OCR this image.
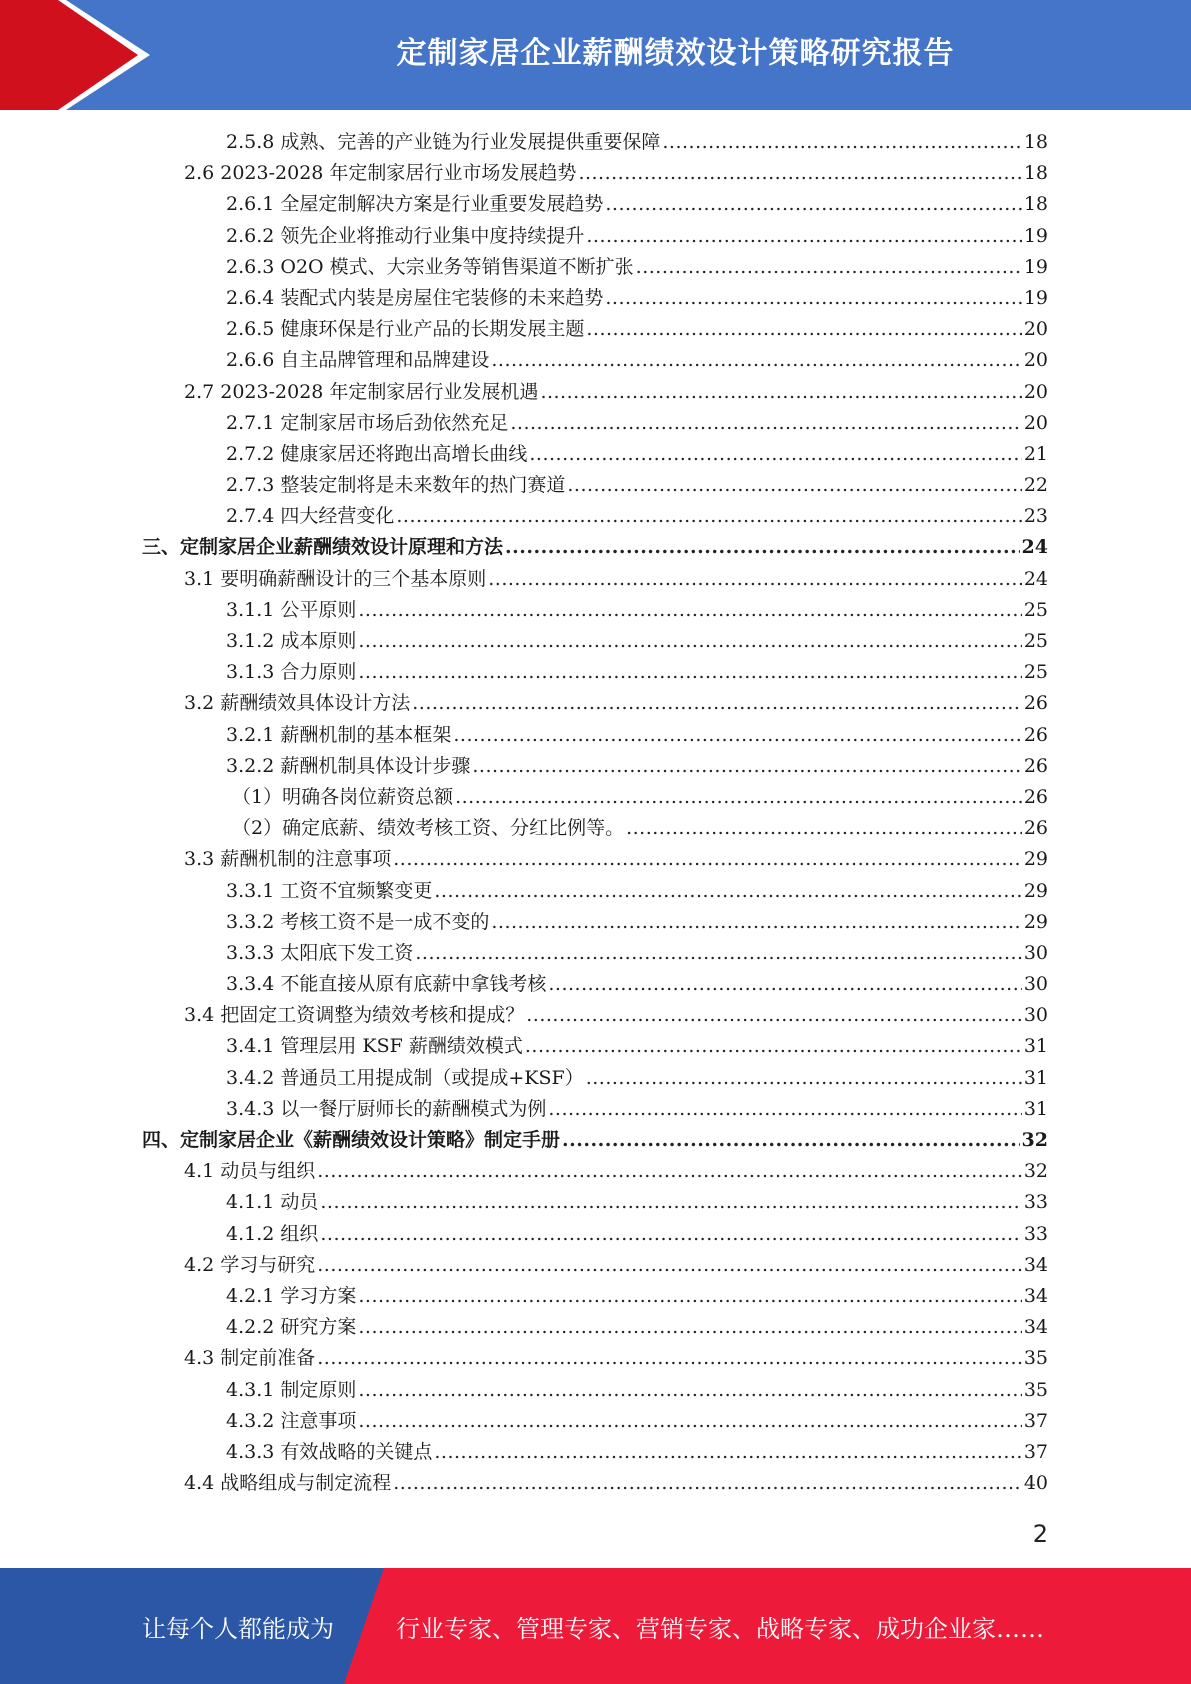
定制家居企业薪酬绩效设计策略研究报告
2.5.8 成熟、完善的产业链为行业发展提供重要保障 .....	18
2.6 2023-2028 年定制家居行业市场发展趋势 .....	18
2.6.1 全屋定制解决方案是行业重要发展趋势 .....	18
2.6.2 领先企业将推动行业集中度持续提升 .....	19
2.6.3 O2O 模式、大宗业务等销售渠道不断扩张 .....	19
2.6.4 装配式内装是房屋住宅装修的未来趋势 .....	19
2.6.5 健康环保是行业产品的长期发展主题 .....	20
2.6.6 自主品牌管理和品牌建设 .....	20
2.7 2023-2028 年定制家居行业发展机遇 .....	20
2.7.1 定制家居市场后劲依然充足 .....	20
2.7.2 健康家居还将跑出高增长曲线 .....	21
2.7.3 整装定制将是未来数年的热门赛道 .....	22
2.7.4 四大经营变化 .....	23
三、定制家居企业薪酬绩效设计原理和方法 .....	24
3.1 要明确薪酬设计的三个基本原则 .....	24
3.1.1 公平原则 .....	25
3.1.2 成本原则 .....	25
3.1.3 合力原则 .....	25
3.2 薪酬绩效具体设计方法 .....	26
3.2.1 薪酬机制的基本框架 .....	26
3.2.2 薪酬机制具体设计步骤 .....	26
（1）明确各岗位薪资总额 .....	26
（2）确定底薪、绩效考核工资、分红比例等。 .....	26
3.3 薪酬机制的注意事项 .....	29
3.3.1 工资不宜频繁变更 .....	29
3.3.2 考核工资不是一成不变的 .....	29
3.3.3 太阳底下发工资 .....	30
3.3.4 不能直接从原有底薪中拿钱考核 .....	30
3.4 把固定工资调整为绩效考核和提成？ .....	30
3.4.1 管理层用 KSF 薪酬绩效模式 .....	31
3.4.2 普通员工用提成制（或提成+KSF） .....	31
3.4.3 以一餐厅厨师长的薪酬模式为例 .....	31
四、定制家居企业《薪酬绩效设计策略》制定手册 .....	32
4.1 动员与组织 .....	32
4.1.1 动员 .....	33
4.1.2 组织 .....	33
4.2 学习与研究 .....	34
4.2.1 学习方案 .....	34
4.2.2 研究方案 .....	34
4.3 制定前准备 .....	35
4.3.1 制定原则 .....	35
4.3.2 注意事项 .....	37
4.3.3 有效战略的关键点 .....	37
4.4 战略组成与制定流程 .....	40
2
让每个人都能成为	行业专家、管理专家、营销专家、战略专家、成功企业家……
